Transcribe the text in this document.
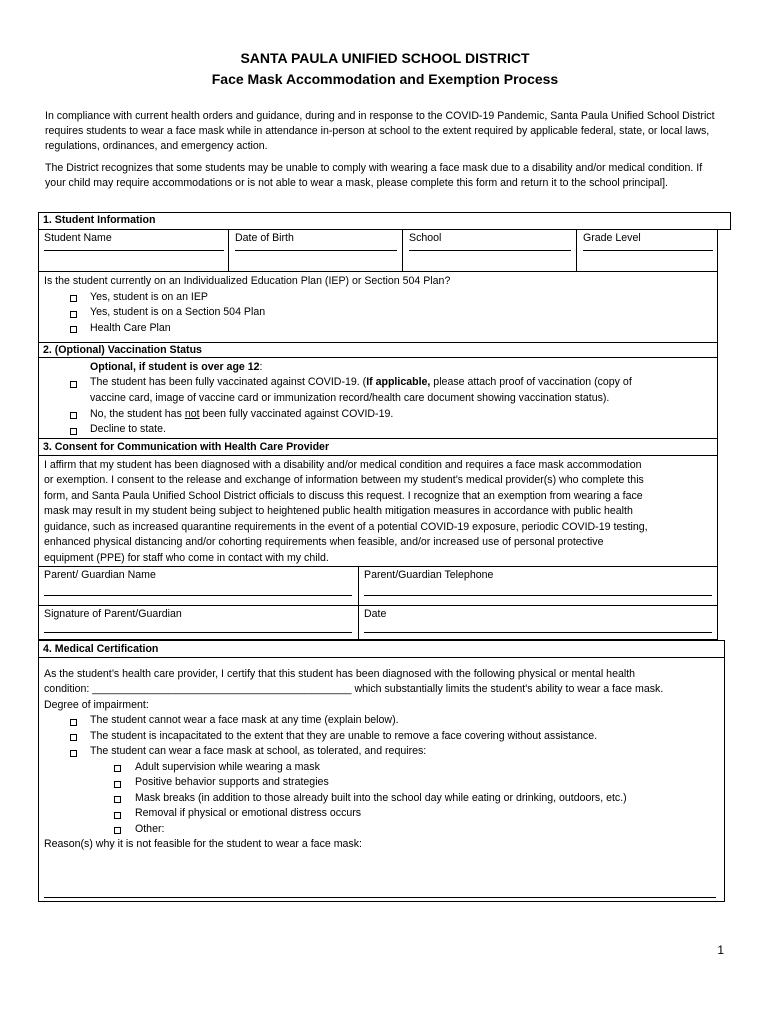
SANTA PAULA UNIFIED SCHOOL DISTRICT
Face Mask Accommodation and Exemption Process
In compliance with current health orders and guidance, during and in response to the COVID-19 Pandemic, Santa Paula Unified School District requires students to wear a face mask while in attendance in-person at school to the extent required by applicable federal, state, or local laws, regulations, ordinances, and emergency action.
The District recognizes that some students may be unable to comply with wearing a face mask due to a disability and/or medical condition. If your child may require accommodations or is not able to wear a mask, please complete this form and return it to the school principal].
1. Student Information
Student Name	Date of Birth	School	Grade Level
Is the student currently on an Individualized Education Plan (IEP) or Section 504 Plan?
Yes, student is on an IEP
Yes, student is on a Section 504 Plan
Health Care Plan
2. (Optional) Vaccination Status
Optional, if student is over age 12:
The student has been fully vaccinated against COVID-19. (If applicable, please attach proof of vaccination (copy of
vaccine card, image of vaccine card or immunization record/health care document showing vaccination status).
No, the student has not been fully vaccinated against COVID-19.
Decline to state.
3. Consent for Communication with Health Care Provider
I affirm that my student has been diagnosed with a disability and/or medical condition and requires a face mask accommodation
or exemption. I consent to the release and exchange of information between my student’s medical provider(s) who complete this
form, and Santa Paula Unified School District officials to discuss this request. I recognize that an exemption from wearing a face
mask may result in my student being subject to heightened public health mitigation measures in accordance with public health
guidance, such as increased quarantine requirements in the event of a potential COVID-19 exposure, periodic COVID-19 testing,
enhanced physical distancing and/or cohorting requirements when feasible, and/or increased use of personal protective
equipment (PPE) for staff who come in contact with my child.
Parent/ Guardian Name	Parent/Guardian Telephone
Signature of Parent/Guardian	Date
4. Medical Certification
As the student’s health care provider, I certify that this student has been diagnosed with the following physical or mental health
condition: ____________________________________________ which substantially limits the student's ability to wear a face mask.
Degree of impairment:
The student cannot wear a face mask at any time (explain below).
The student is incapacitated to the extent that they are unable to remove a face covering without assistance.
The student can wear a face mask at school, as tolerated, and requires:
Adult supervision while wearing a mask
Positive behavior supports and strategies
Mask breaks (in addition to those already built into the school day while eating or drinking, outdoors, etc.)
Removal if physical or emotional distress occurs
Other:
Reason(s) why it is not feasible for the student to wear a face mask:
1
